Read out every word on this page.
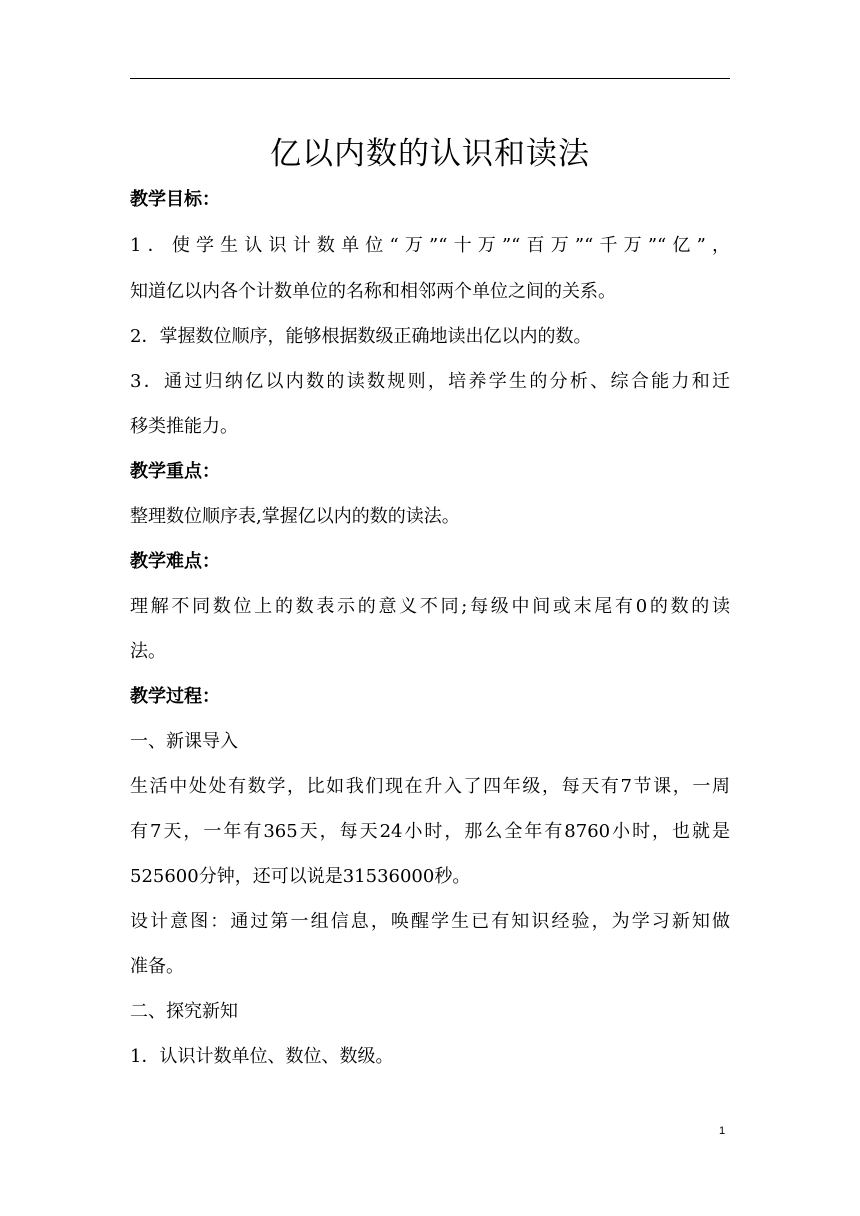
亿以内数的认识和读法
教学目标：
1．使学生认识计数单位“万”“十万”“百万”“千万”“亿”，
知道亿以内各个计数单位的名称和相邻两个单位之间的关系。
2．掌握数位顺序，能够根据数级正确地读出亿以内的数。
3．通过归纳亿以内数的读数规则，培养学生的分析、综合能力和迁
移类推能力。
教学重点：
整理数位顺序表,掌握亿以内的数的读法。
教学难点：
理解不同数位上的数表示的意义不同;每级中间或末尾有0的数的读
法。
教学过程：
一、新课导入
生活中处处有数学，比如我们现在升入了四年级，每天有7节课，一周
有7天，一年有365天，每天24小时，那么全年有8760小时，也就是
525600分钟，还可以说是31536000秒。
设计意图：通过第一组信息，唤醒学生已有知识经验，为学习新知做
准备。
二、探究新知
1．认识计数单位、数位、数级。
1
